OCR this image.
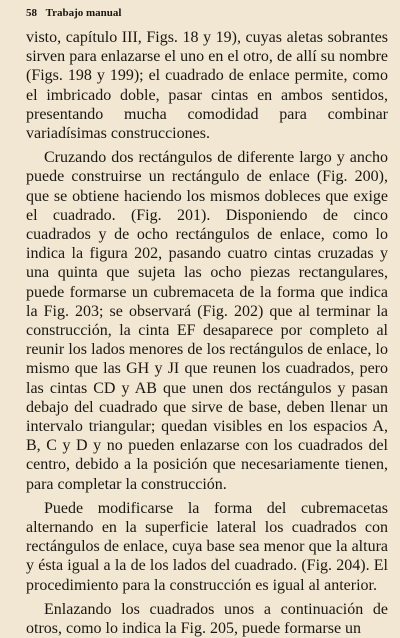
58 Trabajo manual

visto, capítulo III, Figs. 18 y 19), cuyas aletas sobrantes sirven para enlazarse el uno en el otro, de allí su nombre (Figs. 198 y 199); el cuadrado de enlace permite, como el imbricado doble, pasar cintas en ambos sentidos, presentando mucha comodidad para combinar variadísimas construcciones.

Cruzando dos rectángulos de diferente largo y ancho puede construirse un rectángulo de enlace (Fig. 200), que se obtiene haciendo los mismos dobleces que exige el cuadrado. (Fig. 201). Disponiendo de cinco cuadrados y de ocho rectángulos de enlace, como lo indica la figura 202, pasando cuatro cintas cruzadas y una quinta que sujeta las ocho piezas rectangulares, puede formarse un cubremaceta de la forma que indica la Fig. 203; se observará (Fig. 202) que al terminar la construcción, la cinta EF desaparece por completo al reunir los lados menores de los rectángulos de enlace, lo mismo que las GH y JI que reunen los cuadrados, pero las cintas CD y AB que unen dos rectángulos y pasan debajo del cuadrado que sirve de base, deben llenar un intervalo triangular; quedan visibles en los espacios A, B, C y D y no pueden enlazarse con los cuadrados del centro, debido a la posición que necesariamente tienen, para completar la construcción.

Puede modificarse la forma del cubremacetas alternando en la superficie lateral los cuadrados con rectángulos de enlace, cuya base sea menor que la altura y ésta igual a la de los lados del cuadrado. (Fig. 204). El procedimiento para la construcción es igual al anterior.

Enlazando los cuadrados unos a continuación de otros, como lo indica la Fig. 205, puede formarse un
